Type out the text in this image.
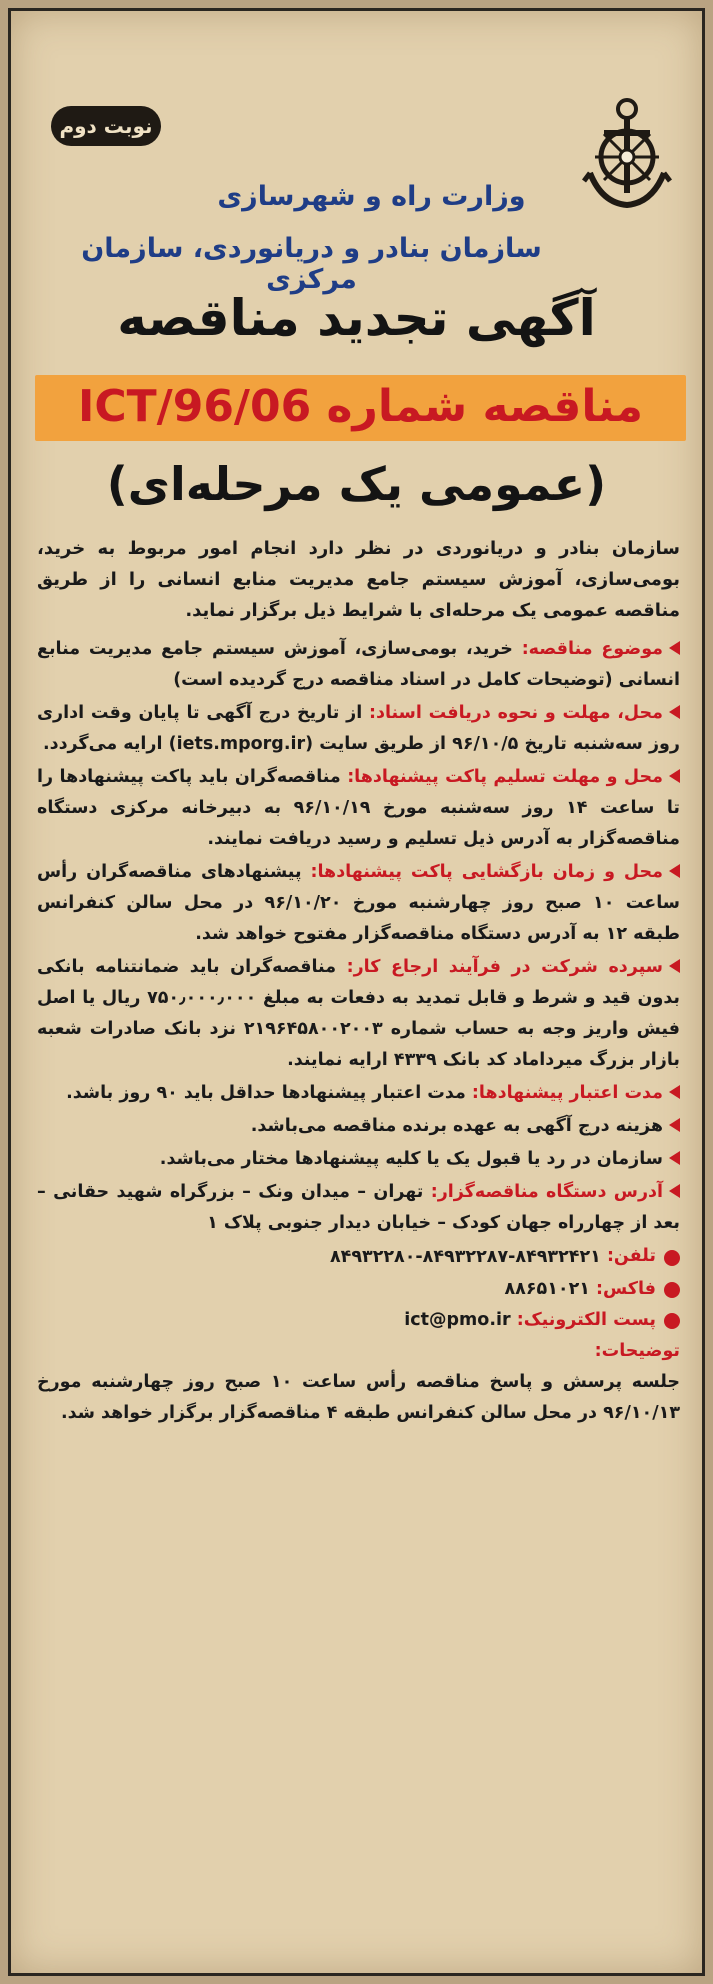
نوبت دوم
وزارت راه و شهرسازی
سازمان بنادر و دریانوردی، سازمان مرکزی
آگهی تجدید مناقصه
مناقصه شماره ICT/96/06
(عمومی یک مرحله‌ای)

سازمان بنادر و دریانوردی در نظر دارد انجام امور مربوط به خرید، بومی‌سازی، آموزش سیستم جامع مدیریت منابع انسانی را از طریق مناقصه عمومی یک مرحله‌ای با شرایط ذیل برگزار نماید.

موضوع مناقصه: خرید، بومی‌سازی، آموزش سیستم جامع مدیریت منابع انسانی (توضیحات کامل در اسناد مناقصه درج گردیده است)

محل، مهلت و نحوه دریافت اسناد: از تاریخ درج آگهی تا پایان وقت اداری روز سه‌شنبه تاریخ ۹۶/۱۰/۵ از طریق سایت (iets.mporg.ir) ارایه می‌گردد.

محل و مهلت تسلیم پاکت پیشنهادها: مناقصه‌گران باید پاکت پیشنهادها را تا ساعت ۱۴ روز سه‌شنبه مورخ ۹۶/۱۰/۱۹ به دبیرخانه مرکزی دستگاه مناقصه‌گزار به آدرس ذیل تسلیم و رسید دریافت نمایند.

محل و زمان بازگشایی پاکت پیشنهادها: پیشنهادهای مناقصه‌گران رأس ساعت ۱۰ صبح روز چهارشنبه مورخ ۹۶/۱۰/۲۰ در محل سالن کنفرانس طبقه ۱۲ به آدرس دستگاه مناقصه‌گزار مفتوح خواهد شد.

سپرده شرکت در فرآیند ارجاع کار: مناقصه‌گران باید ضمانتنامه بانکی بدون قید و شرط و قابل تمدید به دفعات به مبلغ ۷۵۰٫۰۰۰٫۰۰۰ ریال یا اصل فیش واریز وجه به حساب شماره ۲۱۹۶۴۵۸۰۰۲۰۰۳ نزد بانک صادرات شعبه بازار بزرگ میرداماد کد بانک ۴۳۳۹ ارایه نمایند.

مدت اعتبار پیشنهادها: مدت اعتبار پیشنهادها حداقل باید ۹۰ روز باشد.

هزینه درج آگهی به عهده برنده مناقصه می‌باشد.

سازمان در رد یا قبول یک یا کلیه پیشنهادها مختار می‌باشد.

آدرس دستگاه مناقصه‌گزار: تهران – میدان ونک – بزرگراه شهید حقانی – بعد از چهارراه جهان کودک – خیابان دیدار جنوبی پلاک ۱

تلفن:

۸۴۹۳۲۲۸۰-۸۴۹۳۲۲۸۷-۸۴۹۳۲۴۲۱

فاکس:

۸۸۶۵۱۰۲۱

پست الکترونیک:

ict@pmo.ir

توضیحات:

جلسه پرسش و پاسخ مناقصه رأس ساعت ۱۰ صبح روز چهارشنبه مورخ ۹۶/۱۰/۱۳ در محل سالن کنفرانس طبقه ۴ مناقصه‌گزار برگزار خواهد شد.
